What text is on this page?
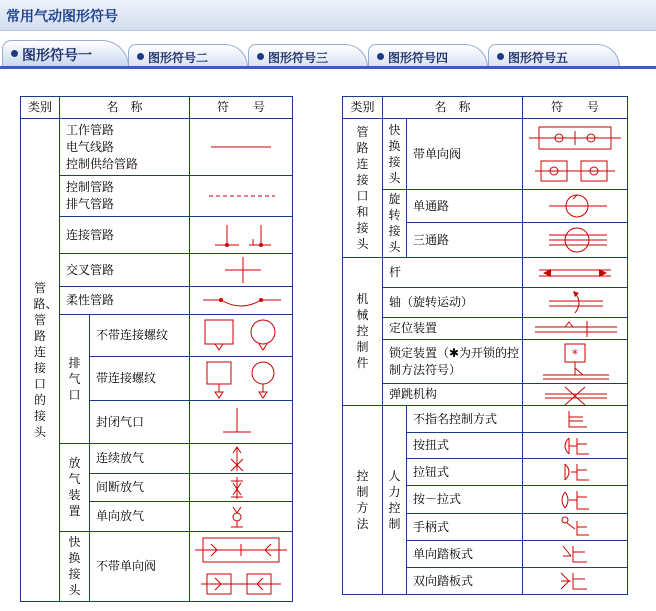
常用气动图形符号
图形符号一	图形符号二	图形符号三	图形符号四	图形符号五
类别	名　称		符　　号
管路、管路连接口的接头	工作管路
电气线路
控制供给管路	

	控制管路
排气管路	

	连接管路	

	交叉管路	

	柔性管路	

	排气口	不带连接螺纹	

		带连接螺纹	

		封闭气口	

	放气装置	连续放气	

		间断放气	

		单向放气	

	快换接头	不带单向阀	
类别	名　称		符　　号
管路连接口和接头	快换接头	带单向阀	

	旋转接头	单通路	

		三通路	

机械控制件	杆	

	轴（旋转运动）	

	定位装置	

	锁定装置（✱为开锁的控制方法符号）		*

	弹跳机构	

控制方法	人力控制	不指名控制方式	

		按扭式	

		拉钮式	

		按－拉式	

		手柄式	

		单向踏板式	

		双向踏板式	
